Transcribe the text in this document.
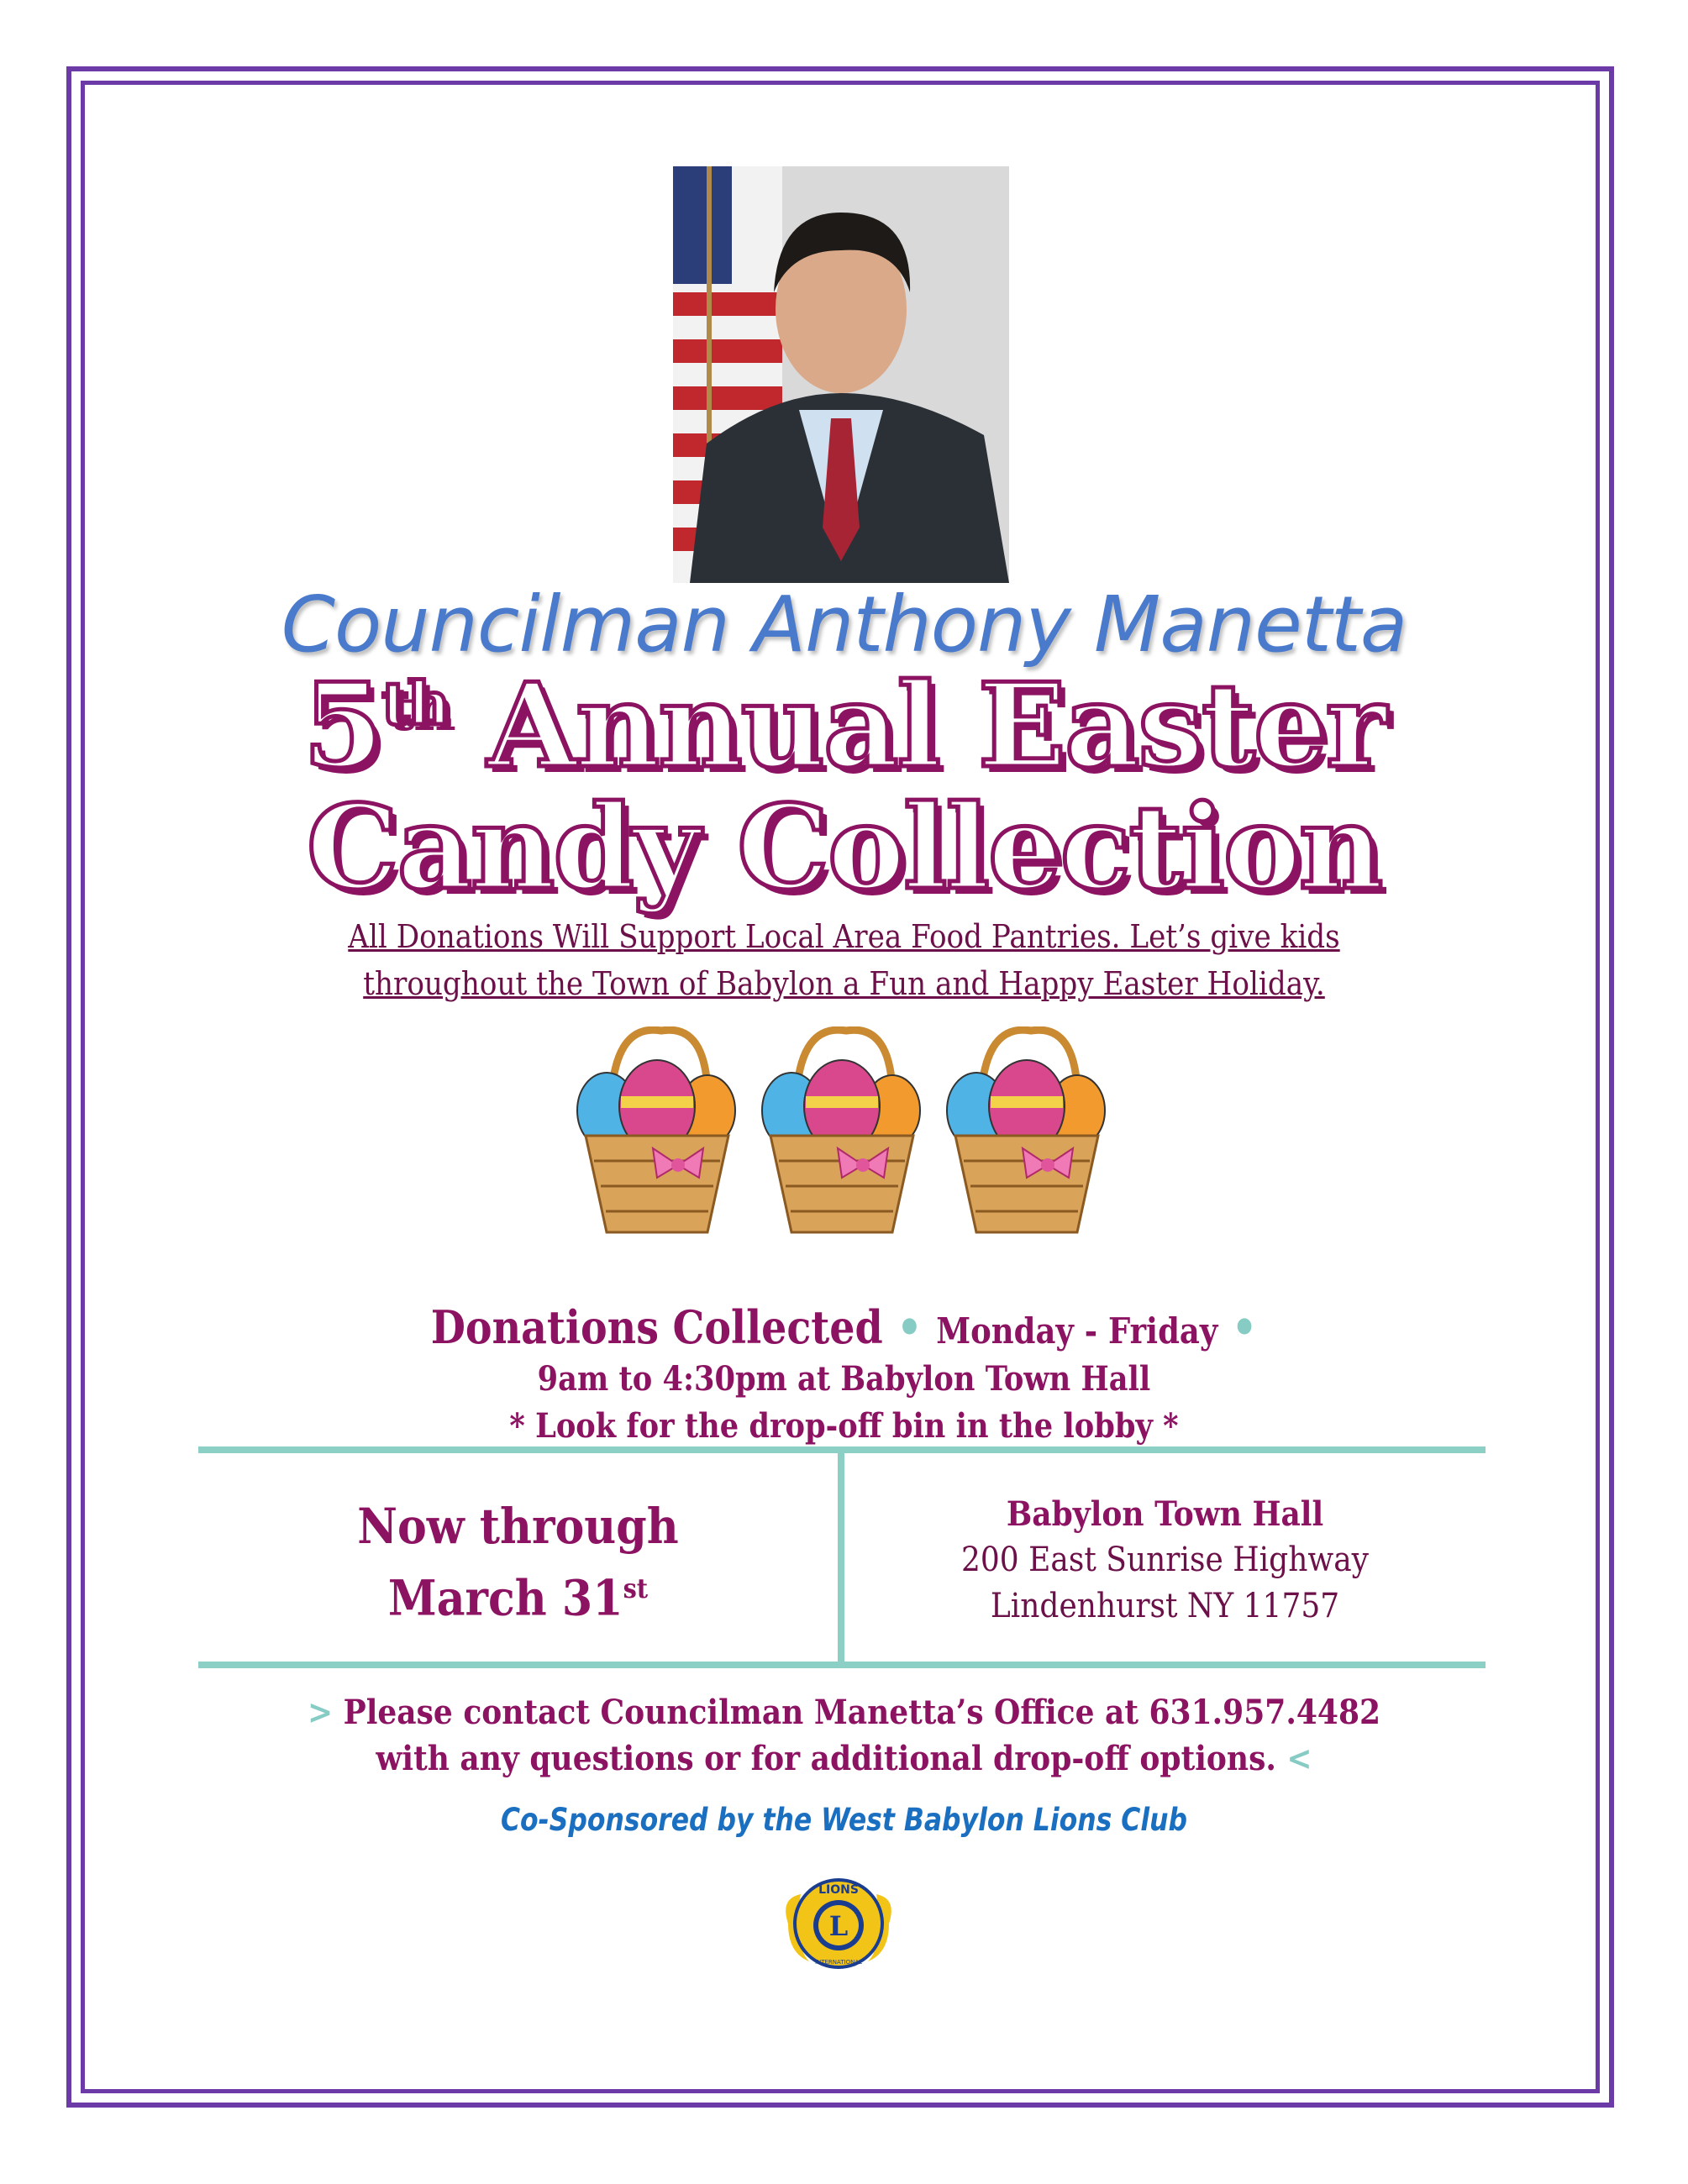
Councilman Anthony Manetta
5th Annual Easter
Candy Collection
All Donations Will Support Local Area Food Pantries. Let’s give kids
throughout the Town of Babylon a Fun and Happy Easter Holiday.
Donations Collected • Monday - Friday •
9am to 4:30pm at Babylon Town Hall
* Look for the drop-off bin in the lobby *
Now through
March 31st
Babylon Town Hall
200 East Sunrise Highway
Lindenhurst NY 11757
> Please contact Councilman Manetta’s Office at 631.957.4482
with any questions or for additional drop-off options. <
Co-Sponsored by the West Babylon Lions Club
L
LIONS
INTERNATIONAL
